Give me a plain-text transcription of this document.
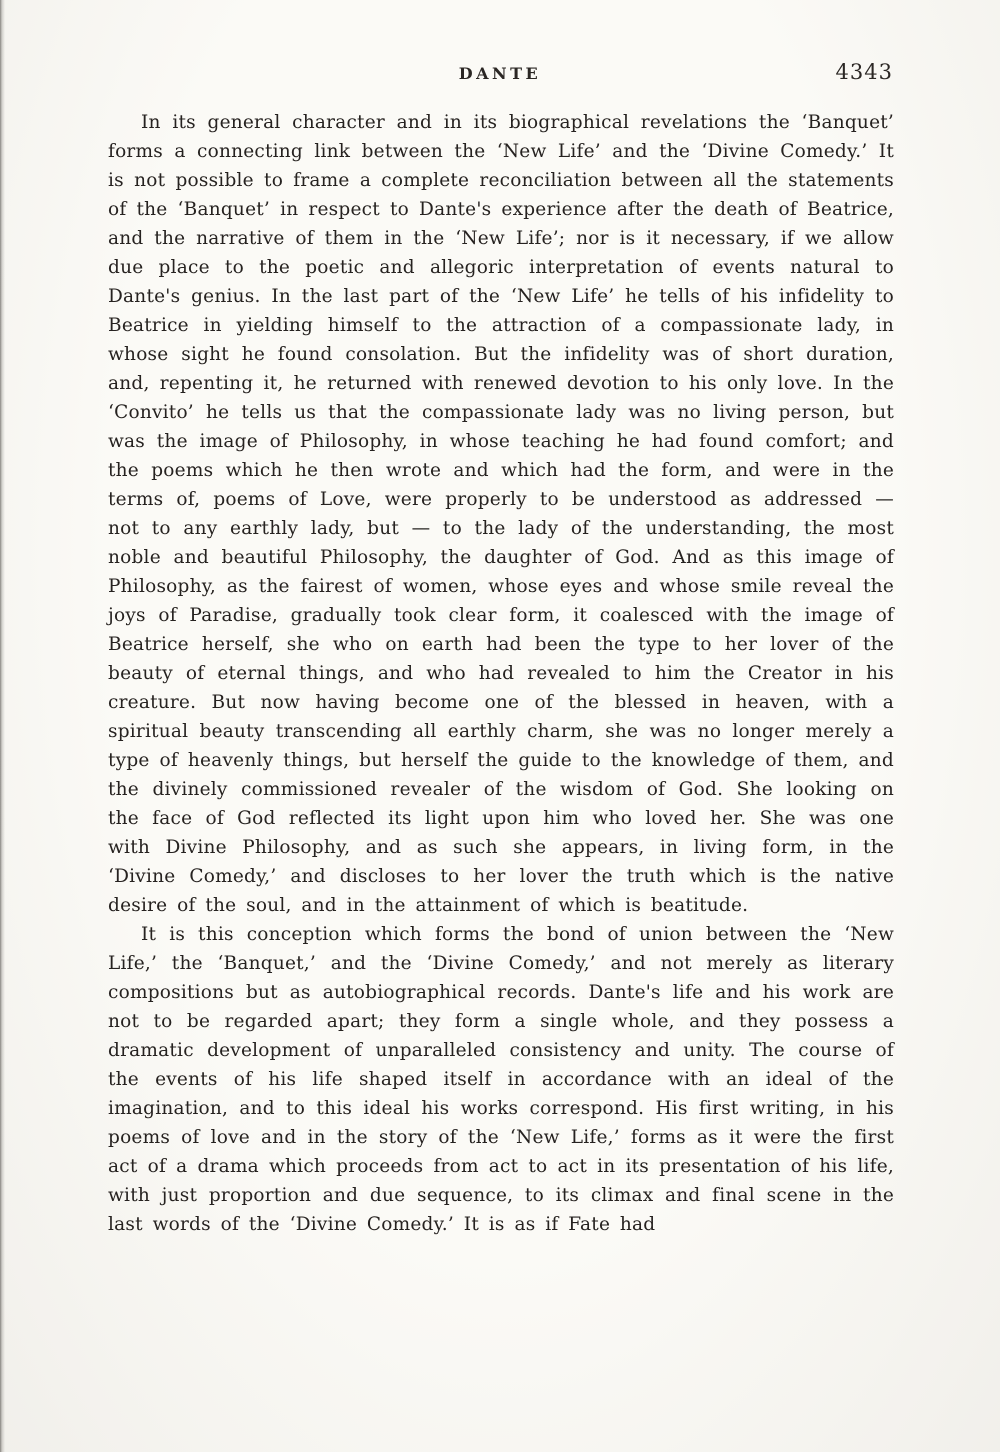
DANTE	4343

In its general character and in its biographical revelations the ‘Banquet’ forms a connecting link between the ‘New Life’ and the ‘Divine Comedy.’ It is not possible to frame a complete reconciliation between all the statements of the ‘Banquet’ in respect to Dante's experience after the death of Beatrice, and the narrative of them in the ‘New Life’; nor is it necessary, if we allow due place to the poetic and allegoric interpretation of events natural to Dante's genius. In the last part of the ‘New Life’ he tells of his infidelity to Beatrice in yielding himself to the attraction of a compassionate lady, in whose sight he found consolation. But the infidelity was of short duration, and, repenting it, he returned with renewed devotion to his only love. In the ‘Convito’ he tells us that the compassionate lady was no living person, but was the image of Philosophy, in whose teaching he had found comfort; and the poems which he then wrote and which had the form, and were in the terms of, poems of Love, were properly to be understood as addressed — not to any earthly lady, but — to the lady of the understanding, the most noble and beautiful Philosophy, the daughter of God. And as this image of Philosophy, as the fairest of women, whose eyes and whose smile reveal the joys of Paradise, gradually took clear form, it coalesced with the image of Beatrice herself, she who on earth had been the type to her lover of the beauty of eternal things, and who had revealed to him the Creator in his creature. But now having become one of the blessed in heaven, with a spiritual beauty transcending all earthly charm, she was no longer merely a type of heavenly things, but herself the guide to the knowledge of them, and the divinely commissioned revealer of the wisdom of God. She looking on the face of God reflected its light upon him who loved her. She was one with Divine Philosophy, and as such she appears, in living form, in the ‘Divine Comedy,’ and discloses to her lover the truth which is the native desire of the soul, and in the attainment of which is beatitude.

It is this conception which forms the bond of union between the ‘New Life,’ the ‘Banquet,’ and the ‘Divine Comedy,’ and not merely as literary compositions but as autobiographical records. Dante's life and his work are not to be regarded apart; they form a single whole, and they possess a dramatic development of unparalleled consistency and unity. The course of the events of his life shaped itself in accordance with an ideal of the imagination, and to this ideal his works correspond. His first writing, in his poems of love and in the story of the ‘New Life,’ forms as it were the first act of a drama which proceeds from act to act in its presentation of his life, with just proportion and due sequence, to its climax and final scene in the last words of the ‘Divine Comedy.’ It is as if Fate had
